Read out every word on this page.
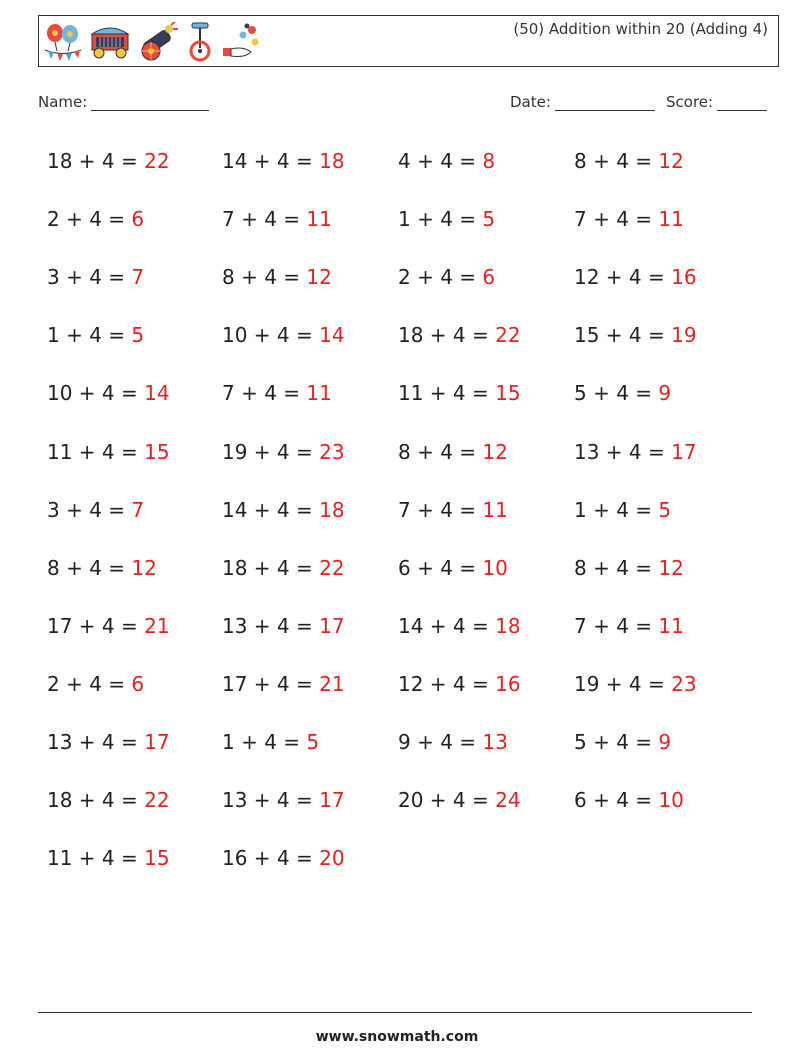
(50) Addition within 20 (Adding 4)
Name:	Date:	Score:
18 + 4 = 22	14 + 4 = 18	4 + 4 = 8	8 + 4 = 12
2 + 4 = 6	7 + 4 = 11	1 + 4 = 5	7 + 4 = 11
3 + 4 = 7	8 + 4 = 12	2 + 4 = 6	12 + 4 = 16
1 + 4 = 5	10 + 4 = 14	18 + 4 = 22	15 + 4 = 19
10 + 4 = 14	7 + 4 = 11	11 + 4 = 15	5 + 4 = 9
11 + 4 = 15	19 + 4 = 23	8 + 4 = 12	13 + 4 = 17
3 + 4 = 7	14 + 4 = 18	7 + 4 = 11	1 + 4 = 5
8 + 4 = 12	18 + 4 = 22	6 + 4 = 10	8 + 4 = 12
17 + 4 = 21	13 + 4 = 17	14 + 4 = 18	7 + 4 = 11
2 + 4 = 6	17 + 4 = 21	12 + 4 = 16	19 + 4 = 23
13 + 4 = 17	1 + 4 = 5	9 + 4 = 13	5 + 4 = 9
18 + 4 = 22	13 + 4 = 17	20 + 4 = 24	6 + 4 = 10
11 + 4 = 15	16 + 4 = 20
www.snowmath.com
